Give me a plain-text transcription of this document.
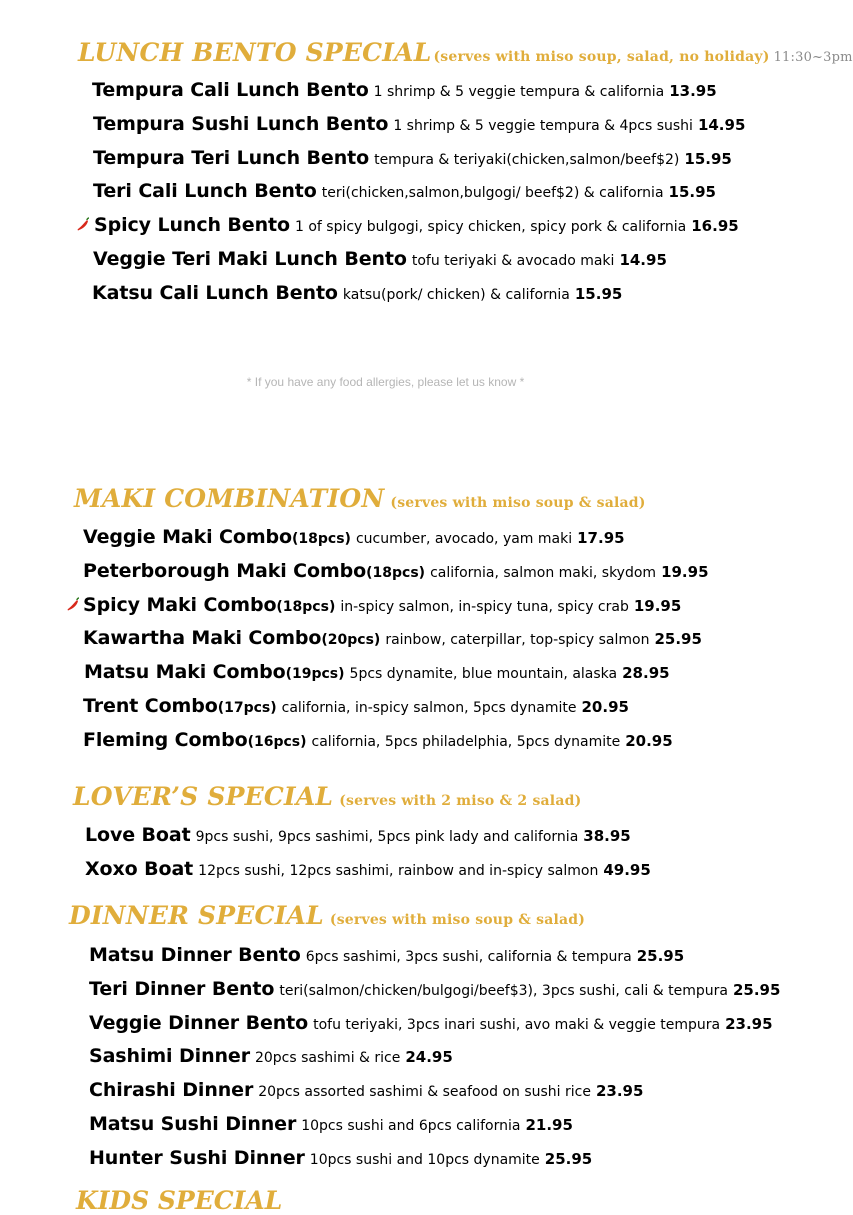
LUNCH BENTO SPECIAL (serves with miso soup, salad, no holiday) 11:30~3pm
Tempura Cali Lunch Bento 1 shrimp & 5 veggie tempura & california 13.95
Tempura Sushi Lunch Bento 1 shrimp & 5 veggie tempura & 4pcs sushi 14.95
Tempura Teri Lunch Bento tempura & teriyaki(chicken,salmon/beef$2) 15.95
Teri Cali Lunch Bento teri(chicken,salmon,bulgogi/ beef$2) & california 15.95
Spicy Lunch Bento 1 of spicy bulgogi, spicy chicken, spicy pork & california 16.95
Veggie Teri Maki Lunch Bento tofu teriyaki & avocado maki 14.95
Katsu Cali Lunch Bento katsu(pork/ chicken) & california 15.95
* If you have any food allergies, please let us know *
MAKI COMBINATION (serves with miso soup & salad)
Veggie Maki Combo(18pcs) cucumber, avocado, yam maki 17.95
Peterborough Maki Combo(18pcs) california, salmon maki, skydom 19.95
Spicy Maki Combo(18pcs) in-spicy salmon, in-spicy tuna, spicy crab 19.95
Kawartha Maki Combo(20pcs) rainbow, caterpillar, top-spicy salmon 25.95
Matsu Maki Combo(19pcs) 5pcs dynamite, blue mountain, alaska 28.95
Trent Combo(17pcs) california, in-spicy salmon, 5pcs dynamite 20.95
Fleming Combo(16pcs) california, 5pcs philadelphia, 5pcs dynamite 20.95
LOVER’S SPECIAL (serves with 2 miso & 2 salad)
Love Boat 9pcs sushi, 9pcs sashimi, 5pcs pink lady and california 38.95
Xoxo Boat 12pcs sushi, 12pcs sashimi, rainbow and in-spicy salmon 49.95
DINNER SPECIAL (serves with miso soup & salad)
Matsu Dinner Bento 6pcs sashimi, 3pcs sushi, california & tempura 25.95
Teri Dinner Bento teri(salmon/chicken/bulgogi/beef$3), 3pcs sushi, cali & tempura 25.95
Veggie Dinner Bento tofu teriyaki, 3pcs inari sushi, avo maki & veggie tempura 23.95
Sashimi Dinner 20pcs sashimi & rice 24.95
Chirashi Dinner 20pcs assorted sashimi & seafood on sushi rice 23.95
Matsu Sushi Dinner 10pcs sushi and 6pcs california 21.95
Hunter Sushi Dinner 10pcs sushi and 10pcs dynamite 25.95
KIDS SPECIAL
